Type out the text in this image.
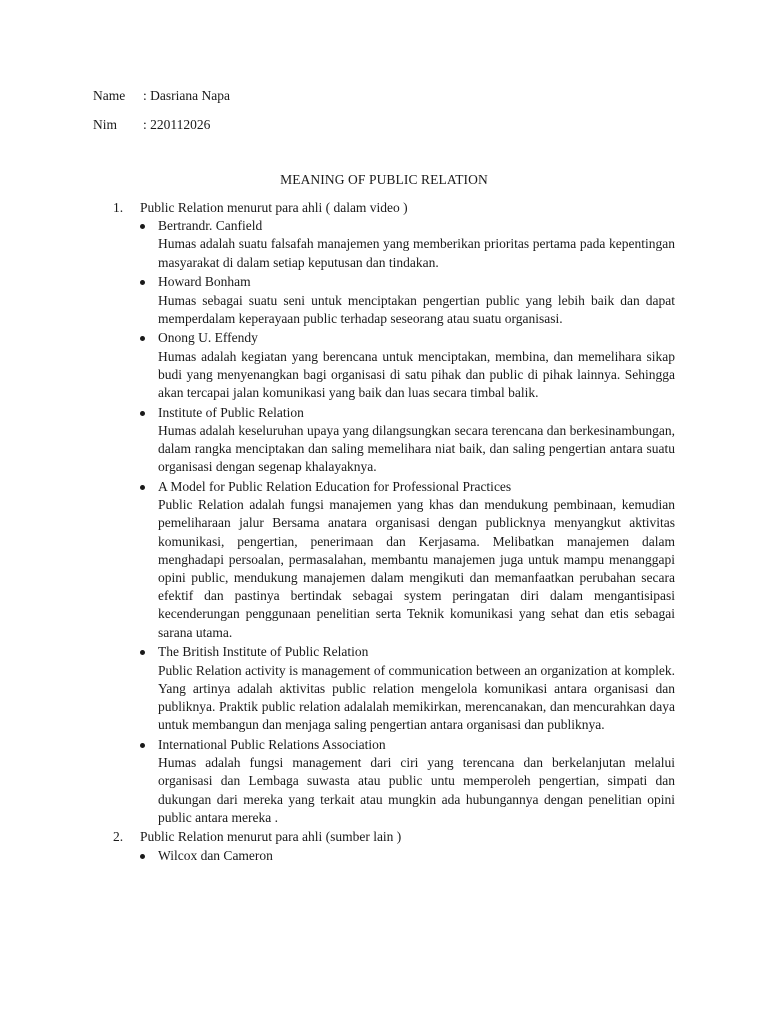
Name : Dasriana Napa
Nim : 220112026
MEANING OF PUBLIC RELATION
1. Public Relation menurut para ahli ( dalam video )
Bertrandr. Canfield
Humas adalah suatu falsafah manajemen yang memberikan prioritas pertama pada kepentingan masyarakat di dalam setiap keputusan dan tindakan.
Howard Bonham
Humas sebagai suatu seni untuk menciptakan pengertian public yang lebih baik dan dapat memperdalam keperayaan public terhadap seseorang atau suatu organisasi.
Onong U. Effendy
Humas adalah kegiatan yang berencana untuk menciptakan, membina, dan memelihara sikap budi yang menyenangkan bagi organisasi di satu pihak dan public di pihak lainnya. Sehingga akan tercapai jalan komunikasi yang baik dan luas secara timbal balik.
Institute of Public Relation
Humas adalah keseluruhan upaya yang dilangsungkan secara terencana dan berkesinambungan, dalam rangka menciptakan dan saling memelihara niat baik, dan saling pengertian antara suatu organisasi dengan segenap khalayaknya.
A Model for Public Relation Education for Professional Practices
Public Relation adalah fungsi manajemen yang khas dan mendukung pembinaan, kemudian pemeliharaan jalur Bersama anatara organisasi dengan publicknya menyangkut aktivitas komunikasi, pengertian, penerimaan dan Kerjasama. Melibatkan manajemen dalam menghadapi persoalan, permasalahan, membantu manajemen juga untuk mampu menanggapi opini public, mendukung manajemen dalam mengikuti dan memanfaatkan perubahan secara efektif dan pastinya bertindak sebagai system peringatan diri dalam mengantisipasi kecenderungan penggunaan penelitian serta Teknik komunikasi yang sehat dan etis sebagai sarana utama.
The British Institute of Public Relation
Public Relation activity is management of communication between an organization at komplek. Yang artinya adalah aktivitas public relation mengelola komunikasi antara organisasi dan publiknya. Praktik public relation adalalah memikirkan, merencanakan, dan mencurahkan daya untuk membangun dan menjaga saling pengertian antara organisasi dan publiknya.
International Public Relations Association
Humas adalah fungsi management dari ciri yang terencana dan berkelanjutan melalui organisasi dan Lembaga suwasta atau public untu memperoleh pengertian, simpati dan dukungan dari mereka yang terkait atau mungkin ada hubungannya dengan penelitian opini public antara mereka .
2. Public Relation menurut para ahli (sumber lain )
Wilcox dan Cameron
